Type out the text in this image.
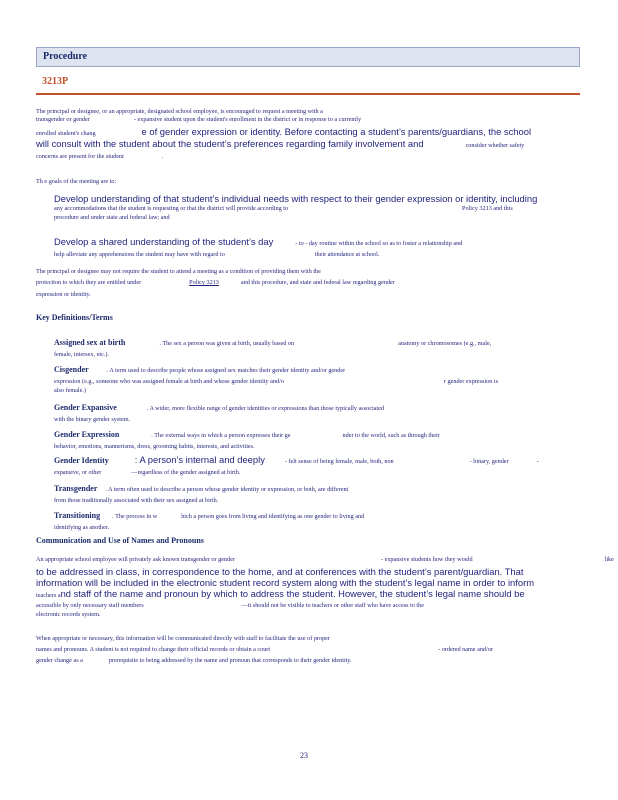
Procedure
3213P
The principal or designee, or an appropriate, designated school employee, is encouraged to request a meeting with a
transgender or gender	- expansive student upon the student's enrollment in the district or in response to a currently
enrolled student's chang	e of gender expression or identity. Before contacting a student’s parents/guardians, the school
will consult with the student about the student’s preferences regarding family involvement and	consider whether safety
concerns are present for the student	.
Th e goals of the meeting are to:
Develop understanding of that student’s individual needs with respect to their gender expression or identity, including
any accommodations that the student is requesting or that the district will provide according to	Policy 3213 and this
procedure and under state and federal law; and
Develop a shared understanding of the student’s day	- to - day routine within the school so as to foster a relationship and
help alleviate any apprehensions the student may have with regard to	their attendance at school.
The principal or designee may not require the student to attend a meeting as a condition of providing them with the
protection to which they are entitled under	Policy 3213	and this procedure, and state and federal law regarding gender
expression or identity.
Key Definitions/Terms
Assigned sex at birth	. The sex a person was given at birth, usually based on	anatomy or chromosomes (e.g., male,
female, intersex, etc.).
Cisgender	. A term used to describe people whose assigned sex matches their gender identity and/or gender
expression (e.g., someone who was assigned female at birth and whose gender identity and/o	r gender expression is
also female.)
Gender Expansive	. A wider, more flexible range of gender identities or expressions than those typically associated
with the binary gender system.
Gender Expression	. The external ways in which a person expresses their ge	nder to the world, such as through their
behavior, emotions, mannerisms, dress, grooming habits, interests, and activities.
Gender Identity	: A person’s internal and deeply	- felt sense of being female, male, both, non	- binary, gender	-
expansive, or other	—regardless of the gender assigned at birth.
Transgender . A term often used to describe a person whose gender identity or expression, or both, are different
from those traditionally associated with their sex assigned at birth.
Transitioning . The process in w	hich a person goes from living and identifying as one gender to living and
identifying as another.
Communication and Use of Names and Pronouns
An appropriate school employee will privately ask known transgender or gender	- expansive students how they would	like
to be addressed in class, in correspondence to the home, and at conferences with the student’s parent/guardian. That
information will be included in the electronic student record system along with the student’s legal name in order to inform
teachers and staff of the name and pronoun by which to address the student. However, the student’s legal name should be
accessible by only necessary staff members	—it should not be visible to teachers or other staff who have access to the
electronic records system.
When appropriate or necessary, this information will be communicated directly with staff to facilitate the use of proper
names and pronouns. A student is not required to change their official records or obtain a court	- ordered name and/or
gender change as a	prerequisite to being addressed by the name and pronoun that corresponds to their gender identity.
23
